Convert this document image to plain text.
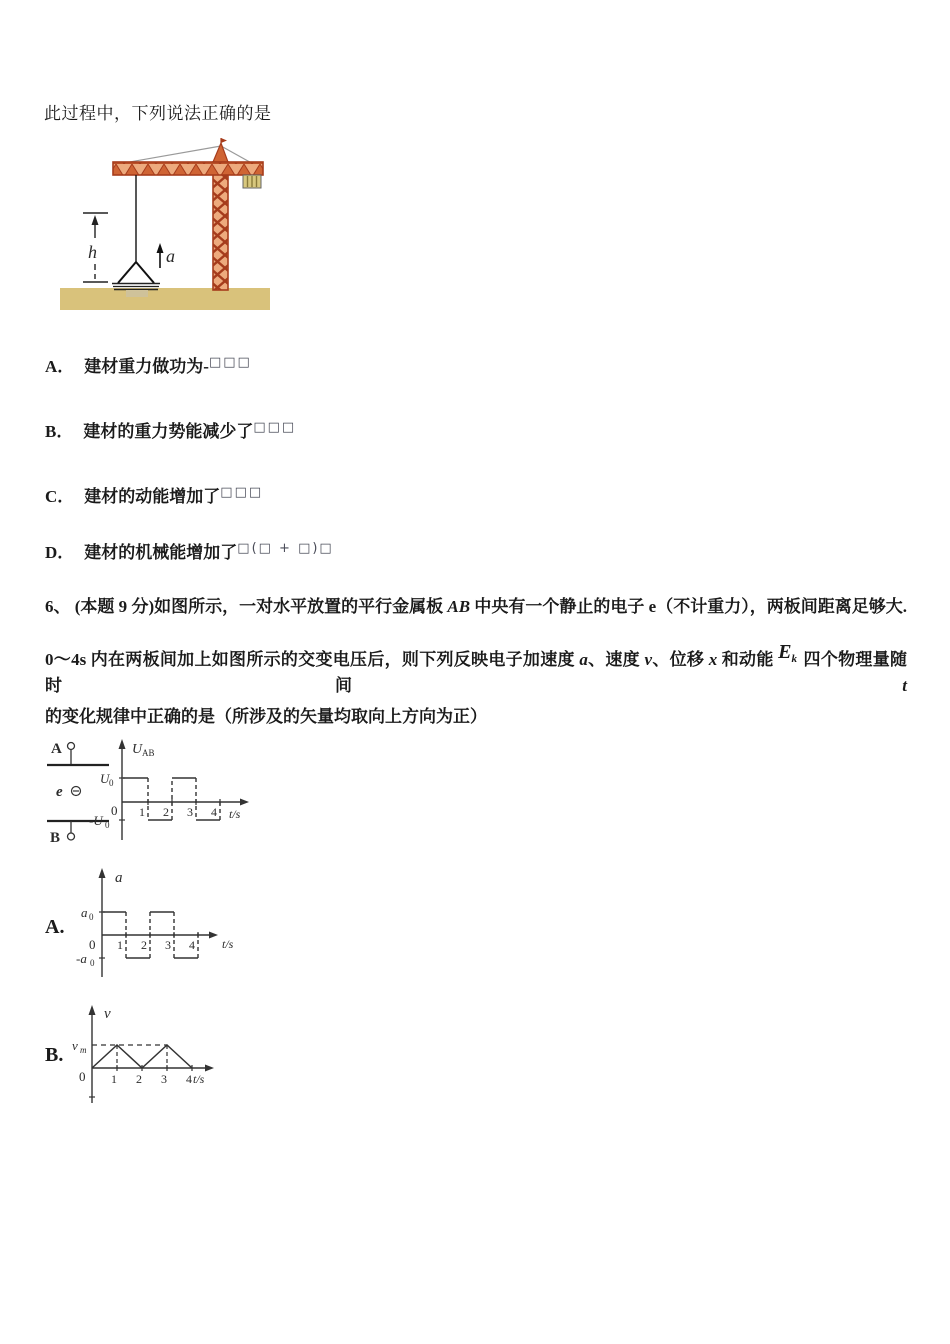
此过程中，下列说法正确的是
h	a
A． 建材重力做功为-□□□
B． 建材的重力势能减少了□□□
C． 建材的动能增加了□□□
D． 建材的机械能增加了□(□ + □)□
6、 (本题 9 分)如图所示，一对水平放置的平行金属板 AB 中央有一个静止的电子 e（不计重力），两板间距离足够大.
0～4s 内在两板间加上如图所示的交变电压后，则下列反映电子加速度 a、速度 v、位移 x 和动能 Ek 四个物理量随时间 t
的变化规律中正确的是（所涉及的矢量均取向上方向为正）
A
e
B
U AB
t/s
1 2 3 4
U 0
0
-U 0
A.
a
t/s
1 2 3 4
a 0
0
-a 0
B.
v
t/s
1 2 3 4
v m
0
